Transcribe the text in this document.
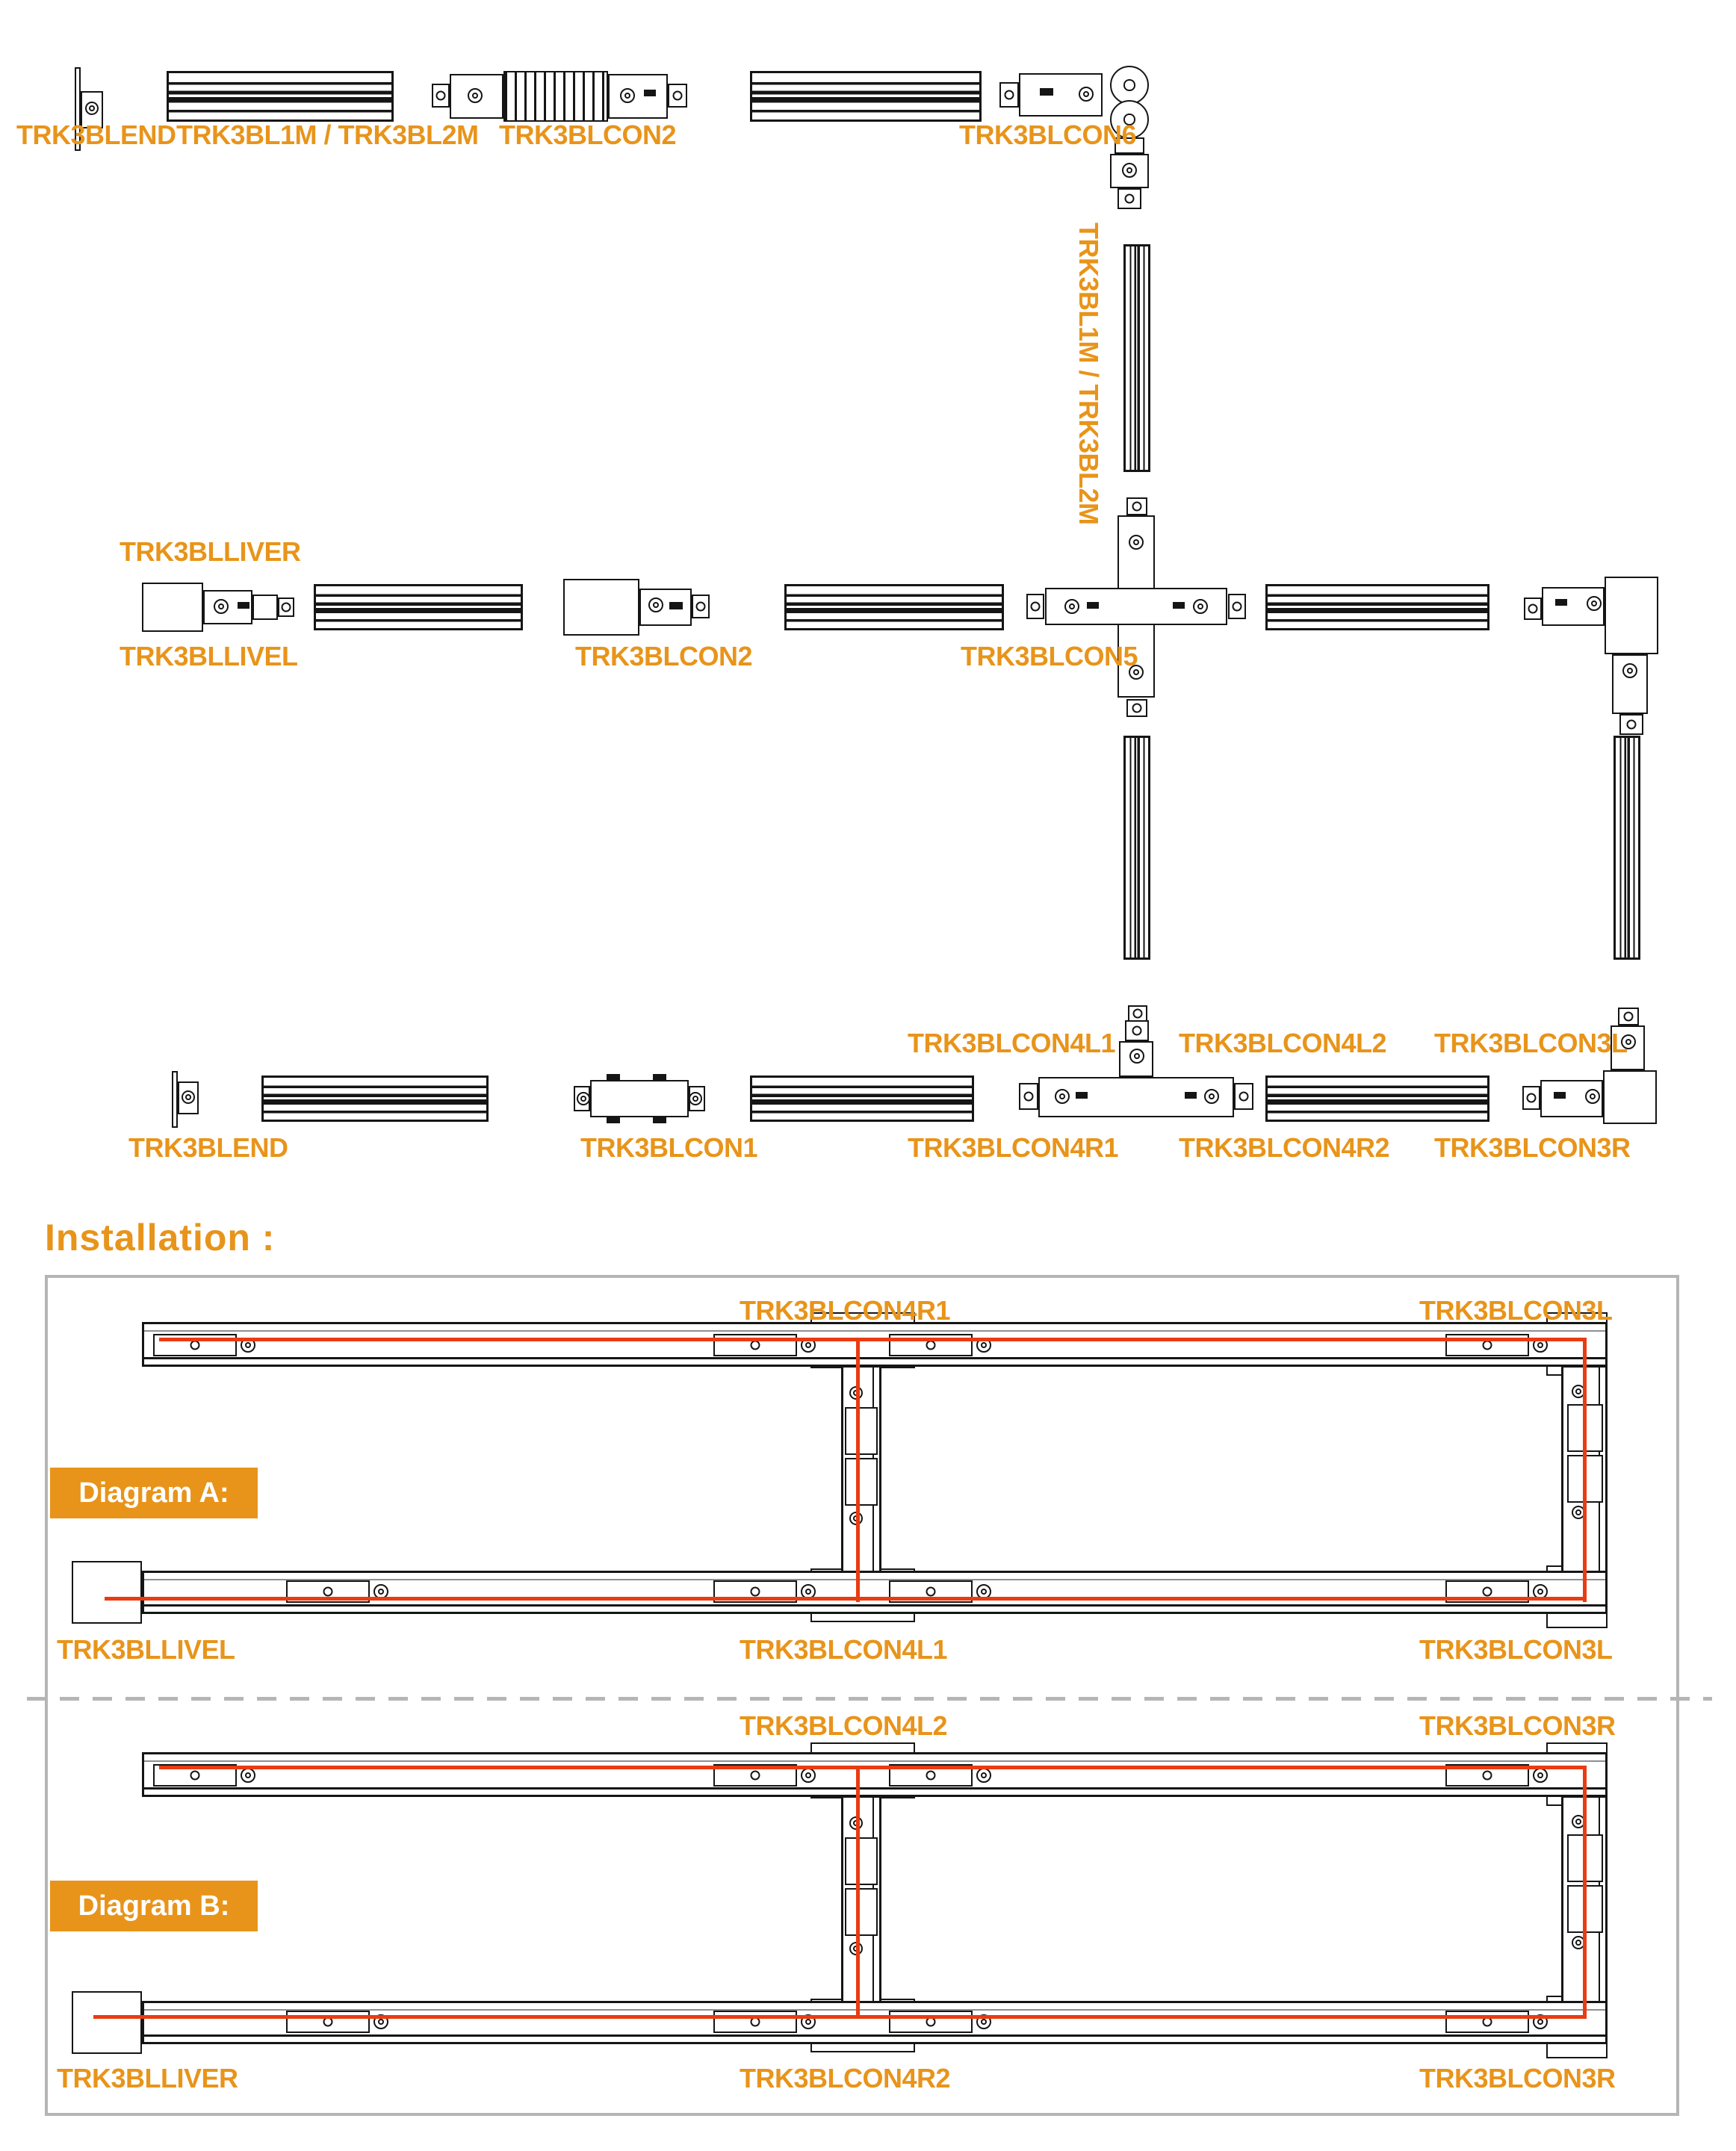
TRK3BLEND TRK3BL1M / TRK3BL2M TRK3BLCON2	TRK3BLCON6
TRK3BL1M / TRK3BL2M
TRK3BLLIVER
TRK3BLLIVEL	TRK3BLCON2	TRK3BLCON5
TRK3BLCON4L1 TRK3BLCON4L2 TRK3BLCON3L
TRK3BLEND	TRK3BLCON1	TRK3BLCON4R1 TRK3BLCON4R2 TRK3BLCON3R
Installation :
TRK3BLCON4R1	TRK3BLCON3L
Diagram A:
TRK3BLLIVEL	TRK3BLCON4L1	TRK3BLCON3L
TRK3BLCON4L2	TRK3BLCON3R
Diagram B:
TRK3BLLIVER	TRK3BLCON4R2	TRK3BLCON3R
